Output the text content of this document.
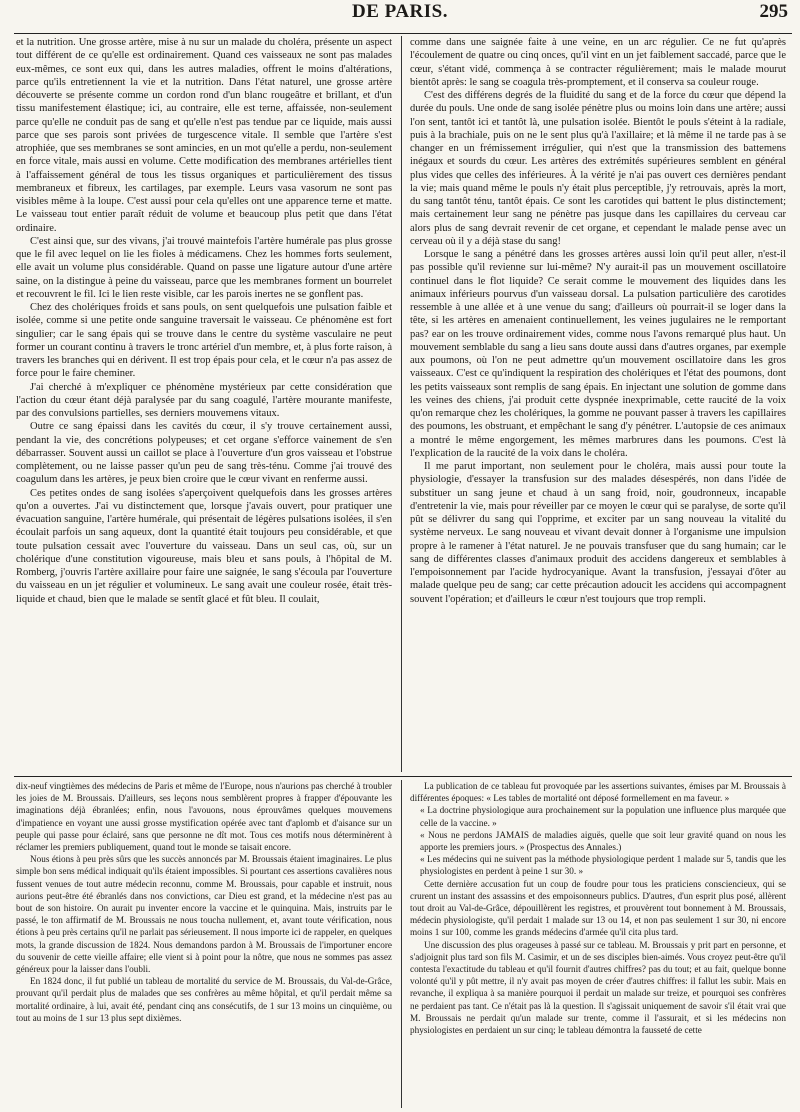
DE PARIS.	295

et la nutrition. Une grosse artère, mise à nu sur un malade du choléra, présente un aspect tout différent de ce qu'elle est ordinairement. Quand ces vaisseaux ne sont pas malades eux-mêmes, ce sont eux qui, dans les autres maladies, offrent le moins d'altérations, parce qu'ils entretiennent la vie et la nutrition. Dans l'état naturel, une grosse artère découverte se présente comme un cordon rond d'un blanc rougeâtre et brillant, et d'un tissu manifestement élastique; ici, au contraire, elle est terne, affaissée, non-seulement parce qu'elle ne conduit pas de sang et qu'elle n'est pas tendue par ce liquide, mais aussi parce que ses parois sont privées de turgescence vitale. Il semble que l'artère s'est atrophiée, que ses membranes se sont amincies, en un mot qu'elle a perdu, non-seulement en force vitale, mais aussi en volume. Cette modification des membranes artérielles tient à l'affaissement général de tous les tissus organiques et particulièrement des tissus membraneux et fibreux, les cartilages, par exemple. Leurs vasa vasorum ne sont pas visibles même à la loupe. C'est aussi pour cela qu'elles ont une apparence terne et matte. Le vaisseau tout entier paraît réduit de volume et beaucoup plus petit que dans l'état ordinaire.

C'est ainsi que, sur des vivans, j'ai trouvé maintefois l'artère humérale pas plus grosse que le fil avec lequel on lie les fioles à médicamens. Chez les hommes forts seulement, elle avait un volume plus considérable. Quand on passe une ligature autour d'une artère saine, on la distingue à peine du vaisseau, parce que les membranes forment un bourrelet et recouvrent le fil. Ici le lien reste visible, car les parois inertes ne se gonflent pas.

Chez des cholériques froids et sans pouls, on sent quelquefois une pulsation faible et isolée, comme si une petite onde sanguine traversait le vaisseau. Ce phénomène est fort singulier; car le sang épais qui se trouve dans le centre du système vasculaire ne peut former un courant continu à travers le tronc artériel d'un membre, et, à plus forte raison, à travers les branches qui en dérivent. Il est trop épais pour cela, et le cœur n'a pas assez de force pour le faire cheminer.

J'ai cherché à m'expliquer ce phénomène mystérieux par cette considération que l'action du cœur étant déjà paralysée par du sang coagulé, l'artère mourante manifeste, par des convulsions partielles, ses derniers mouvemens vitaux.

Outre ce sang épaissi dans les cavités du cœur, il s'y trouve certainement aussi, pendant la vie, des concrétions polypeuses; et cet organe s'efforce vainement de s'en débarrasser. Souvent aussi un caillot se place à l'ouverture d'un gros vaisseau et l'obstrue complètement, ou ne laisse passer qu'un peu de sang très-ténu. Comme j'ai trouvé des coagulum dans les artères, je peux bien croire que le cœur vivant en renferme aussi.

Ces petites ondes de sang isolées s'aperçoivent quelquefois dans les grosses artères qu'on a ouvertes. J'ai vu distinctement que, lorsque j'avais ouvert, pour pratiquer une évacuation sanguine, l'artère humérale, qui présentait de légères pulsations isolées, il s'en écoulait parfois un sang aqueux, dont la quantité était toujours peu considérable, et que toute pulsation cessait avec l'ouverture du vaisseau. Dans un seul cas, où, sur un cholérique d'une constitution vigoureuse, mais bleu et sans pouls, à l'hôpital de M. Romberg, j'ouvris l'artère axillaire pour faire une saignée, le sang s'écoula par l'ouverture du vaisseau en un jet régulier et volumineux. Le sang avait une couleur rosée, était très-liquide et chaud, bien que le malade se sentît glacé et fût bleu. Il coulait,

comme dans une saignée faite à une veine, en un arc régulier. Ce ne fut qu'après l'écoulement de quatre ou cinq onces, qu'il vint en un jet faiblement saccadé, parce que le cœur, s'étant vidé, commença à se contracter régulièrement; mais le malade mourut bientôt après: le sang se coagula très-promptement, et il conserva sa couleur rouge.

C'est des différens degrés de la fluidité du sang et de la force du cœur que dépend la durée du pouls. Une onde de sang isolée pénètre plus ou moins loin dans une artère; aussi l'on sent, tantôt ici et tantôt là, une pulsation isolée. Bientôt le pouls s'éteint à la radiale, puis à la brachiale, puis on ne le sent plus qu'à l'axillaire; et là même il ne tarde pas à se changer en un frémissement irrégulier, qui n'est que la transmission des battemens inégaux et sourds du cœur. Les artères des extrémités supérieures semblent en général plus vides que celles des inférieures. À la vérité je n'ai pas ouvert ces dernières pendant la vie; mais quand même le pouls n'y était plus perceptible, j'y retrouvais, après la mort, du sang tantôt ténu, tantôt épais. Ce sont les carotides qui battent le plus distinctement; mais certainement leur sang ne pénètre pas jusque dans les capillaires du cerveau car alors plus de sang devrait revenir de cet organe, et cependant le malade pense avec un cerveau où il y a déjà stase du sang!

Lorsque le sang a pénétré dans les grosses artères aussi loin qu'il peut aller, n'est-il pas possible qu'il revienne sur lui-même? N'y aurait-il pas un mouvement oscillatoire continuel dans le flot liquide? Ce serait comme le mouvement des liquides dans les animaux inférieurs pourvus d'un vaisseau dorsal. La pulsation particulière des carotides ressemble à une allée et à une venue du sang; d'ailleurs où pourrait-il se loger dans la tête, si les artères en amenaient continuellement, les veines jugulaires ne le remportant pas? ear on les trouve ordinairement vides, comme nous l'avons remarqué plus haut. Un mouvement semblable du sang a lieu sans doute aussi dans d'autres organes, par exemple aux poumons, où l'on ne peut admettre qu'un mouvement oscillatoire dans les gros vaisseaux. C'est ce qu'indiquent la respiration des cholériques et l'état des poumons, dont les petits vaisseaux sont remplis de sang épais. En injectant une solution de gomme dans les veines des chiens, j'ai produit cette dyspnée inexprimable, cette raucité de la voix qu'on remarque chez les cholériques, la gomme ne pouvant passer à travers les capillaires des poumons, les obstruant, et empêchant le sang d'y pénétrer. L'autopsie de ces animaux a montré le même engorgement, les mêmes marbrures dans les poumons. C'est là l'explication de la raucité de la voix dans le choléra.

Il me parut important, non seulement pour le choléra, mais aussi pour toute la physiologie, d'essayer la transfusion sur des malades désespérés, non dans l'idée de substituer un sang jeune et chaud à un sang froid, noir, goudronneux, incapable d'entretenir la vie, mais pour réveiller par ce moyen le cœur qui se paralyse, de sorte qu'il pût se délivrer du sang qui l'opprime, et exciter par un sang nouveau la vitalité du système nerveux. Le sang nouveau et vivant devait donner à l'organisme une impulsion propre à le ramener à l'état naturel. Je ne pouvais transfuser que du sang humain; car le sang de différentes classes d'animaux produit des accidens dangereux et semblables à l'empoisonnement par l'acide hydrocyanique. Avant la transfusion, j'essayai d'ôter au malade quelque peu de sang; car cette précaution adoucit les accidens qui accompagnent souvent l'opération; et d'ailleurs le cœur n'est toujours que trop rempli.

dix-neuf vingtièmes des médecins de Paris et même de l'Europe, nous n'aurions pas cherché à troubler les joies de M. Broussais. D'ailleurs, ses leçons nous semblèrent propres à frapper d'épouvante les imaginations déjà ébranlées; enfin, nous l'avouons, nous éprouvâmes quelques mouvemens d'impatience en voyant une aussi grosse mystification opérée avec tant d'aplomb et d'aisance sur un peuple qui passe pour éclairé, sans que personne ne dît mot. Tous ces motifs nous déterminèrent à réclamer les premiers publiquement, quand tout le monde se taisait encore.

Nous étions à peu près sûrs que les succès annoncés par M. Broussais étaient imaginaires. Le plus simple bon sens médical indiquait qu'ils étaient impossibles. Si pourtant ces assertions cavalières nous fussent venues de tout autre médecin reconnu, comme M. Broussais, pour capable et instruit, nous aurions peut-être été ébranlés dans nos convictions, car Dieu est grand, et la médecine n'est pas au bout de son histoire. On aurait pu inventer encore la vaccine et le quinquina. Mais, instruits par le passé, le ton affirmatif de M. Broussais ne nous toucha nullement, et, avant toute vérification, nous étions à peu près certains qu'il ne parlait pas sérieusement. Il nous importe ici de rappeler, en quelques mots, la grande discussion de 1824. Nous demandons pardon à M. Broussais de l'importuner encore du souvenir de cette vieille affaire; elle vient si à point pour la nôtre, que nous ne sommes pas assez généreux pour la laisser dans l'oubli.

En 1824 donc, il fut publié un tableau de mortalité du service de M. Broussais, du Val-de-Grâce, prouvant qu'il perdait plus de malades que ses confrères au même hôpital, et qu'il perdait même sa mortalité ordinaire, à lui, avait été, pendant cinq ans consécutifs, de 1 sur 13 moins un cinquième, ou tout au moins de 1 sur 13 plus sept dixièmes.

La publication de ce tableau fut provoquée par les assertions suivantes, émises par M. Broussais à différentes époques: « Les tables de mortalité ont déposé formellement en ma faveur. »

« La doctrine physiologique aura prochainement sur la population une influence plus marquée que celle de la vaccine. »

« Nous ne perdons JAMAIS de maladies aiguës, quelle que soit leur gravité quand on nous les apporte les premiers jours. » (Prospectus des Annales.)

« Les médecins qui ne suivent pas la méthode physiologique perdent 1 malade sur 5, tandis que les physiologistes en perdent à peine 1 sur 30. »

Cette dernière accusation fut un coup de foudre pour tous les praticiens consciencieux, qui se crurent un instant des assassins et des empoisonneurs publics. D'autres, d'un esprit plus posé, allèrent tout droit au Val-de-Grâce, dépouillèrent les registres, et prouvèrent tout bonnement à M. Broussais, médecin physiologiste, qu'il perdait 1 malade sur 13 ou 14, et non pas seulement 1 sur 30, ni encore moins 1 sur 100, comme les grands médecins d'armée qu'il cita plus tard.

Une discussion des plus orageuses à passé sur ce tableau. M. Broussais y prit part en personne, et s'adjoignit plus tard son fils M. Casimir, et un de ses disciples bien-aimés. Vous croyez peut-être qu'il contesta l'exactitude du tableau et qu'il fournit d'autres chiffres? pas du tout; et au fait, quelque bonne volonté qu'il y pût mettre, il n'y avait pas moyen de créer d'autres chiffres: il fallut les subir. Mais en revanche, il expliqua à sa manière pourquoi il perdait un malade sur treize, et pourquoi ses confrères ne perdaient pas tant. Ce n'était pas là la question. Il s'agissait uniquement de savoir s'il était vrai que M. Broussais ne perdait qu'un malade sur trente, comme il l'assurait, et si les médecins non physiologistes en perdaient un sur cinq; le tableau démontra la fausseté de cette
